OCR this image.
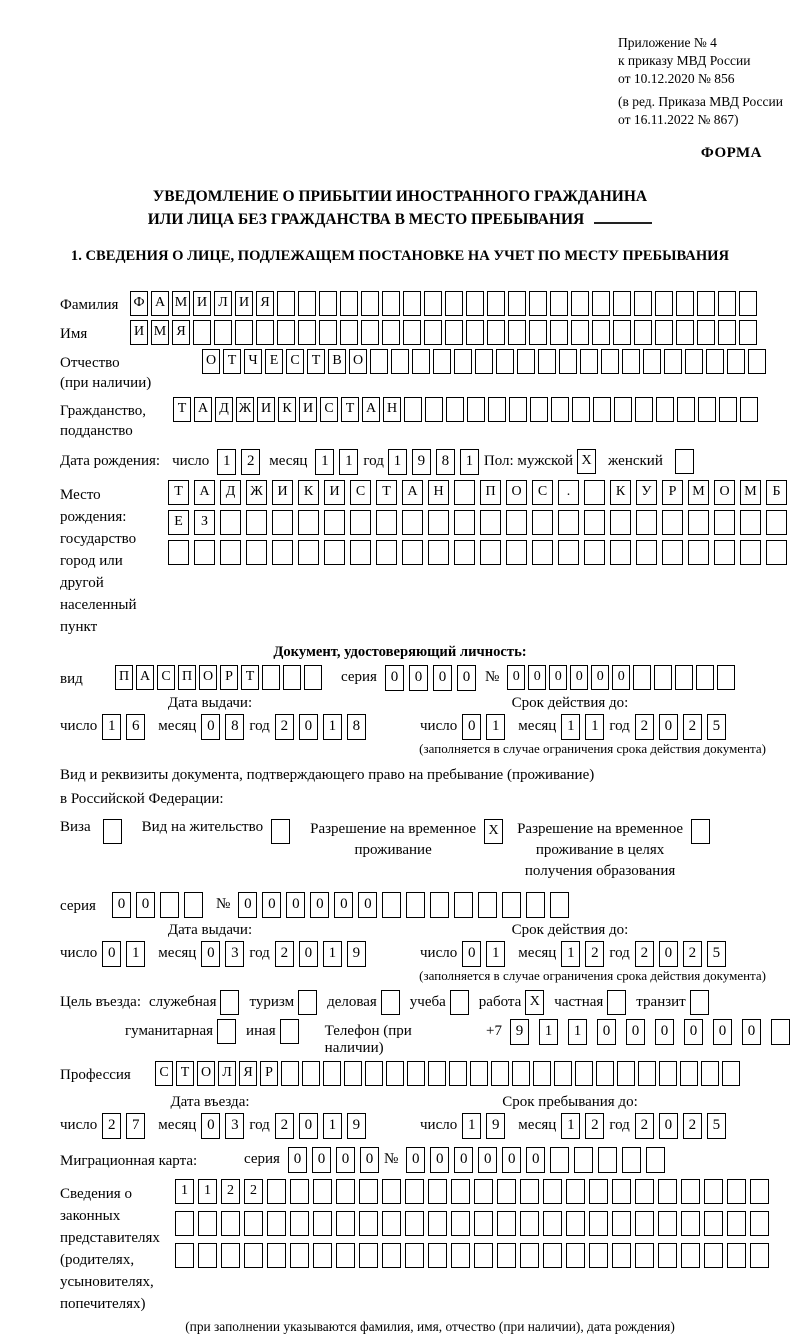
Приложение № 4
к приказу МВД России
от 10.12.2020 № 856
(в ред. Приказа МВД России
от 16.11.2022 № 867)
ФОРМА
УВЕДОМЛЕНИЕ О ПРИБЫТИИ ИНОСТРАННОГО ГРАЖДАНИНА
ИЛИ ЛИЦА БЕЗ ГРАЖДАНСТВА В МЕСТО ПРЕБЫВАНИЯ
1. СВЕДЕНИЯ О ЛИЦЕ, ПОДЛЕЖАЩЕМ ПОСТАНОВКЕ НА УЧЕТ ПО МЕСТУ ПРЕБЫВАНИЯ
Фамилия	Ф А М И Л И Я
Имя	И М Я
Отчество
(при наличии)
О Т Ч Е С Т В О
Гражданство,
подданство
Т А Д Ж И К И С Т А Н
Дата рождения: число 1 2 месяц 1 1 год 1 9 8 1 Пол: мужской X женский
Место рождения:
государство
город или другой
населенный пункт
Т А Д Ж И К И С Т А Н	П О С .	К У Р М О М Б
Е З
Документ, удостоверяющий личность:
вид	П А С П О Р Т	серия 0 0 0 0 № 0 0 0 0 0 0
Дата выдачи:
число 1 6	месяц 0 8 год 2 0 1 8
Срок действия до:
число 0 1	месяц 1 1 год 2 0 2 5
(заполняется в случае ограничения срока действия документа)
Вид и реквизиты документа, подтверждающего право на пребывание (проживание)
в Российской Федерации:
Виза	Вид на жительство	Разрешение на временное
проживание
X Разрешение на временное
проживание в целях
получения образования
серия	0 0	№ 0 0 0 0 0 0
Дата выдачи:
число 0 1	месяц 0 3 год 2 0 1 9
Срок действия до:
число 0 1	месяц 1 2 год 2 0 2 5
(заполняется в случае ограничения срока действия документа)
Цель въезда: служебная туризм деловая учеба работа X частная транзит
гуманитарная иная	Телефон (при наличии)
+7 9 1 1 0 0 0 0 0 0
Профессия	С Т О Л Я Р
Дата въезда:
число 2 7	месяц 0 3 год 2 0 1 9
Срок пребывания до:
число 1 9	месяц 1 2 год 2 0 2 5
Миграционная карта:	серия 0 0 0 0 № 0 0 0 0 0 0
Сведения о
законных
представителях
(родителях,
усыновителях,
попечителях)
1 1 2 2
(при заполнении указываются фамилия, имя, отчество (при наличии), дата рождения)
